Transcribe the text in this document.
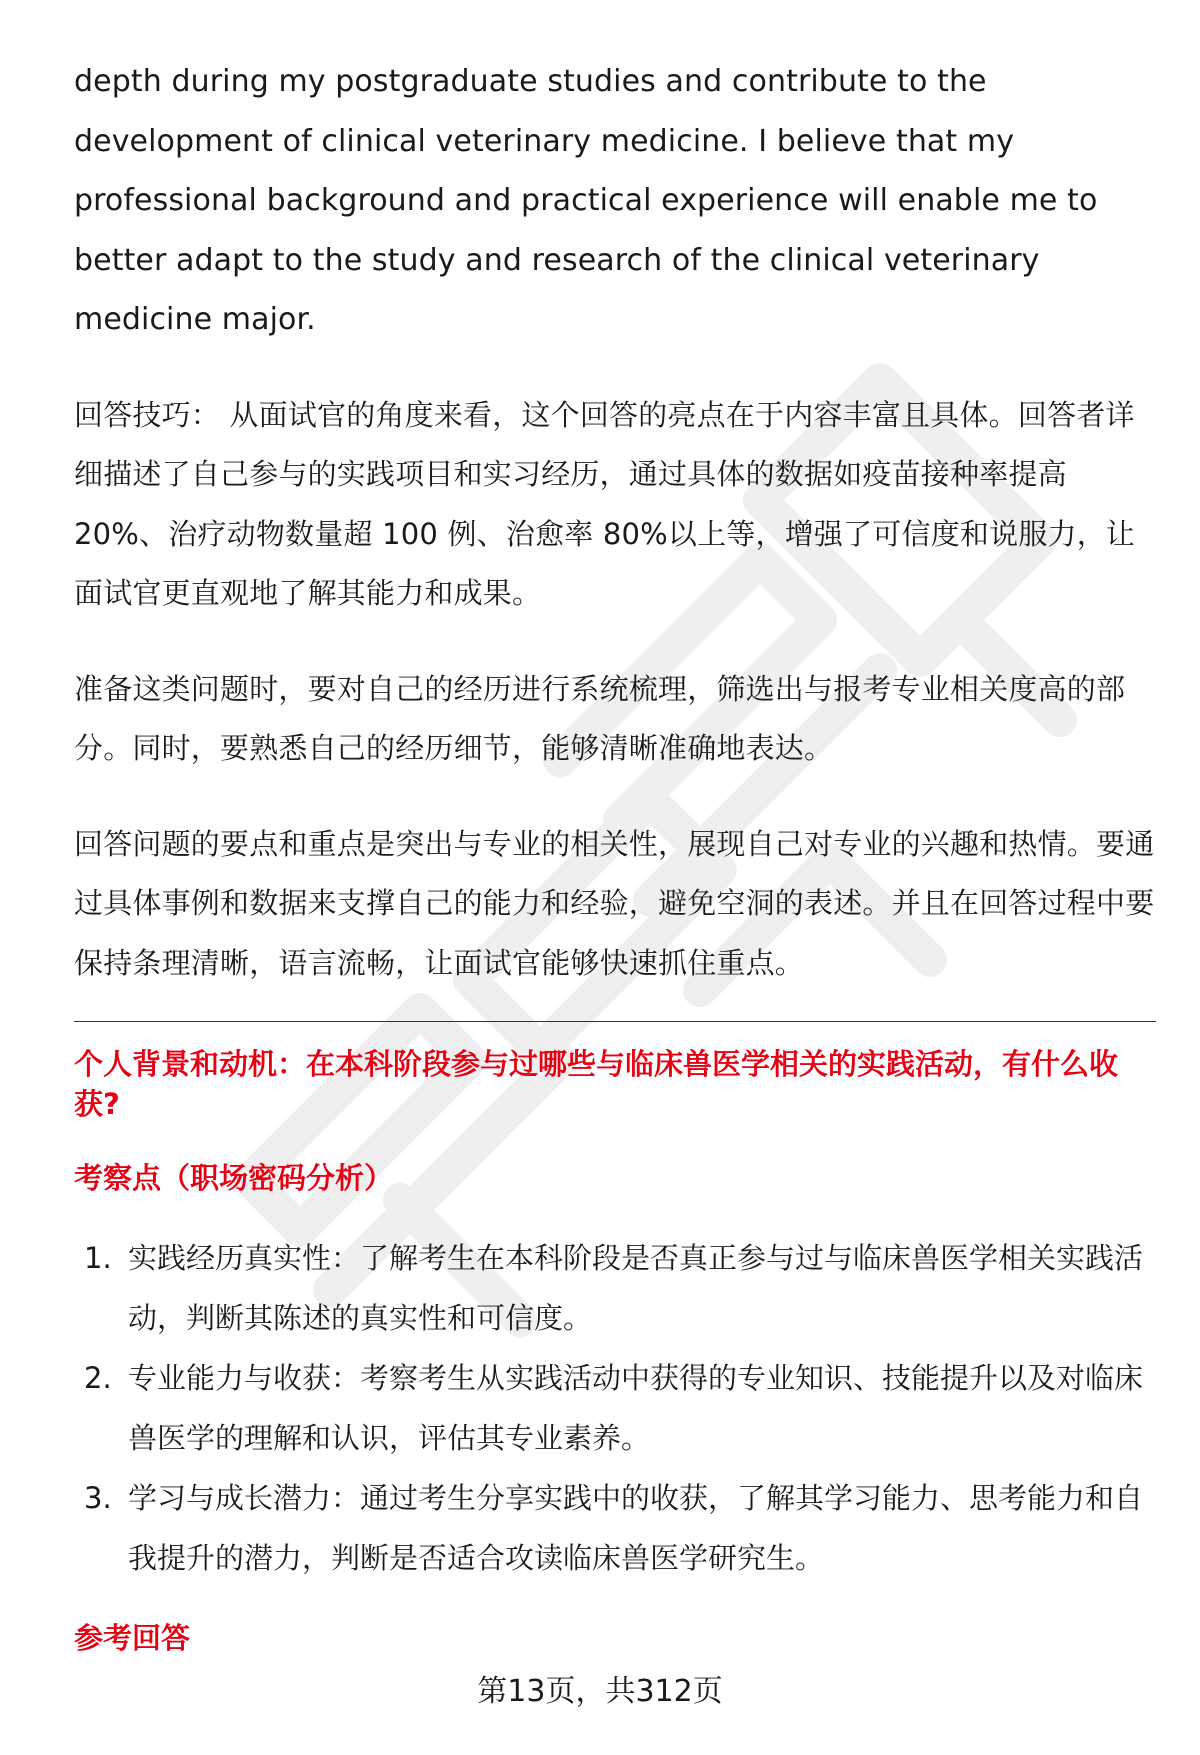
depth during my postgraduate studies and contribute to the development of clinical veterinary medicine. I believe that my professional background and practical experience will enable me to better adapt to the study and research of the clinical veterinary medicine major.

回答技巧： 从面试官的角度来看，这个回答的亮点在于内容丰富且具体。回答者详细描述了自己参与的实践项目和实习经历，通过具体的数据如疫苗接种率提高 20%、治疗动物数量超 100 例、治愈率 80%以上等，增强了可信度和说服力，让面试官更直观地了解其能力和成果。

准备这类问题时，要对自己的经历进行系统梳理，筛选出与报考专业相关度高的部分。同时，要熟悉自己的经历细节，能够清晰准确地表达。

回答问题的要点和重点是突出与专业的相关性，展现自己对专业的兴趣和热情。要通过具体事例和数据来支撑自己的能力和经验，避免空洞的表述。并且在回答过程中要保持条理清晰，语言流畅，让面试官能够快速抓住重点。

个人背景和动机：在本科阶段参与过哪些与临床兽医学相关的实践活动，有什么收获?
考察点（职场密码分析）
1. 实践经历真实性：了解考生在本科阶段是否真正参与过与临床兽医学相关实践活动，判断其陈述的真实性和可信度。
2. 专业能力与收获：考察考生从实践活动中获得的专业知识、技能提升以及对临床兽医学的理解和认识，评估其专业素养。
3. 学习与成长潜力：通过考生分享实践中的收获，了解其学习能力、思考能力和自我提升的潜力，判断是否适合攻读临床兽医学研究生。
参考回答
第13页，共312页
